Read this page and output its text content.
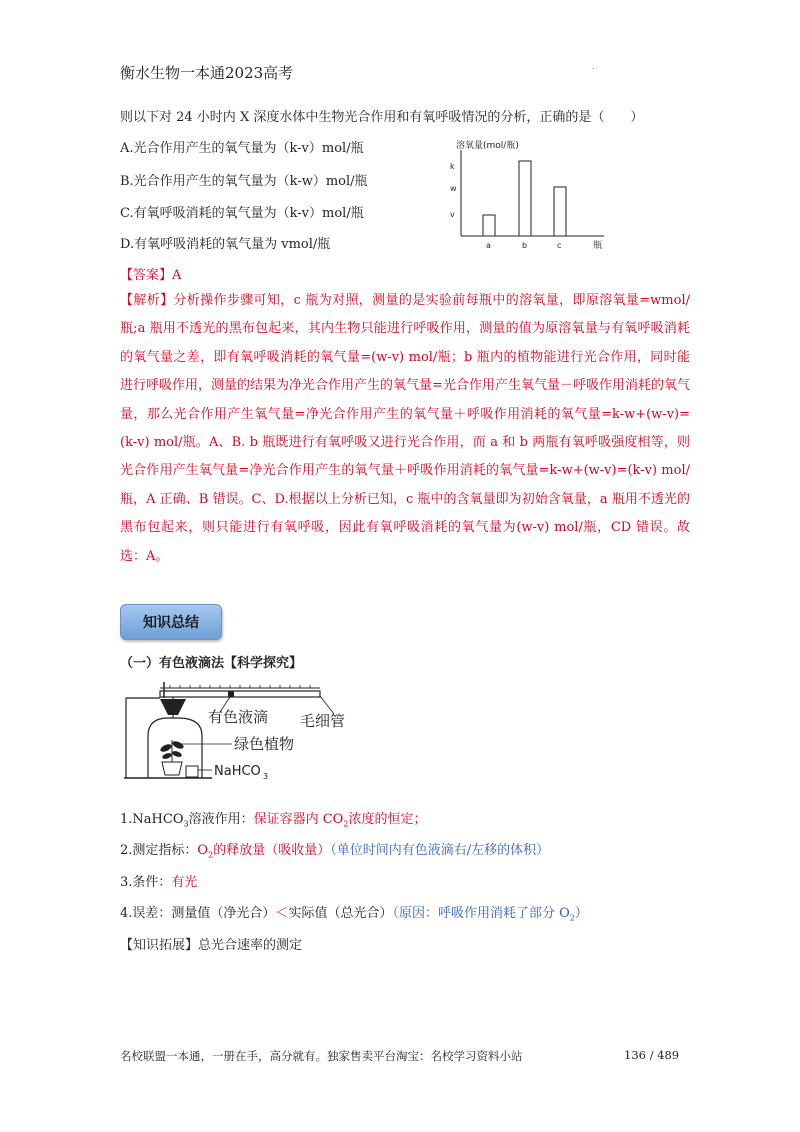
衡水生物一本通2023高考	.
则以下对 24 小时内 X 深度水体中生物光合作用和有氧呼吸情况的分析，正确的是（　　）
A.光合作用产生的氧气量为（k-v）mol/瓶
B.光合作用产生的氧气量为（k-w）mol/瓶
C.有氧呼吸消耗的氧气量为（k-v）mol/瓶
D.有氧呼吸消耗的氧气量为 vmol/瓶
溶氧量(mol/瓶)
k
w
v
a	b	c	瓶
【答案】A
【解析】分析操作步骤可知，c 瓶为对照，测量的是实验前每瓶中的溶氧量，即原溶氧量=wmol/瓶;a 瓶用不透光的黑布包起来，其内生物只能进行呼吸作用，测量的值为原溶氧量与有氧呼吸消耗的氧气量之差，即有氧呼吸消耗的氧气量=(w-v) mol/瓶；b 瓶内的植物能进行光合作用，同时能进行呼吸作用，测量的结果为净光合作用产生的氧气量=光合作用产生氧气量－呼吸作用消耗的氧气量，那么光合作用产生氧气量=净光合作用产生的氧气量＋呼吸作用消耗的氧气量=k-w+(w-v)=(k-v) mol/瓶。A、B. b 瓶既进行有氧呼吸又进行光合作用，而 a 和 b 两瓶有氧呼吸强度相等，则光合作用产生氧气量=净光合作用产生的氧气量＋呼吸作用消耗的氧气量=k-w+(w-v)=(k-v) mol/瓶，A 正确、B 错误。C、D.根据以上分析已知，c 瓶中的含氧量即为初始含氧量，a 瓶用不透光的黑布包起来，则只能进行有氧呼吸，因此有氧呼吸消耗的氧气量为(w-v) mol/瓶，CD 错误。故选：A。
知识总结
（一）有色液滴法【科学探究】
有色液滴 毛细管
绿色植物
NaHCO 3
1.NaHCO$_3$溶液作用：保证容器内 $CO_2$浓度的恒定；
2.测定指标：$O_2$的释放量（吸收量）（单位时间内有色液滴右/左移的体积）
3.条件：有光
4.误差：测量值（净光合）＜实际值（总光合）（原因：呼吸作用消耗了部分 $O_2$）
【知识拓展】总光合速率的测定
名校联盟一本通，一册在手，高分就有。独家售卖平台淘宝：名校学习资料小站	136 / 489
